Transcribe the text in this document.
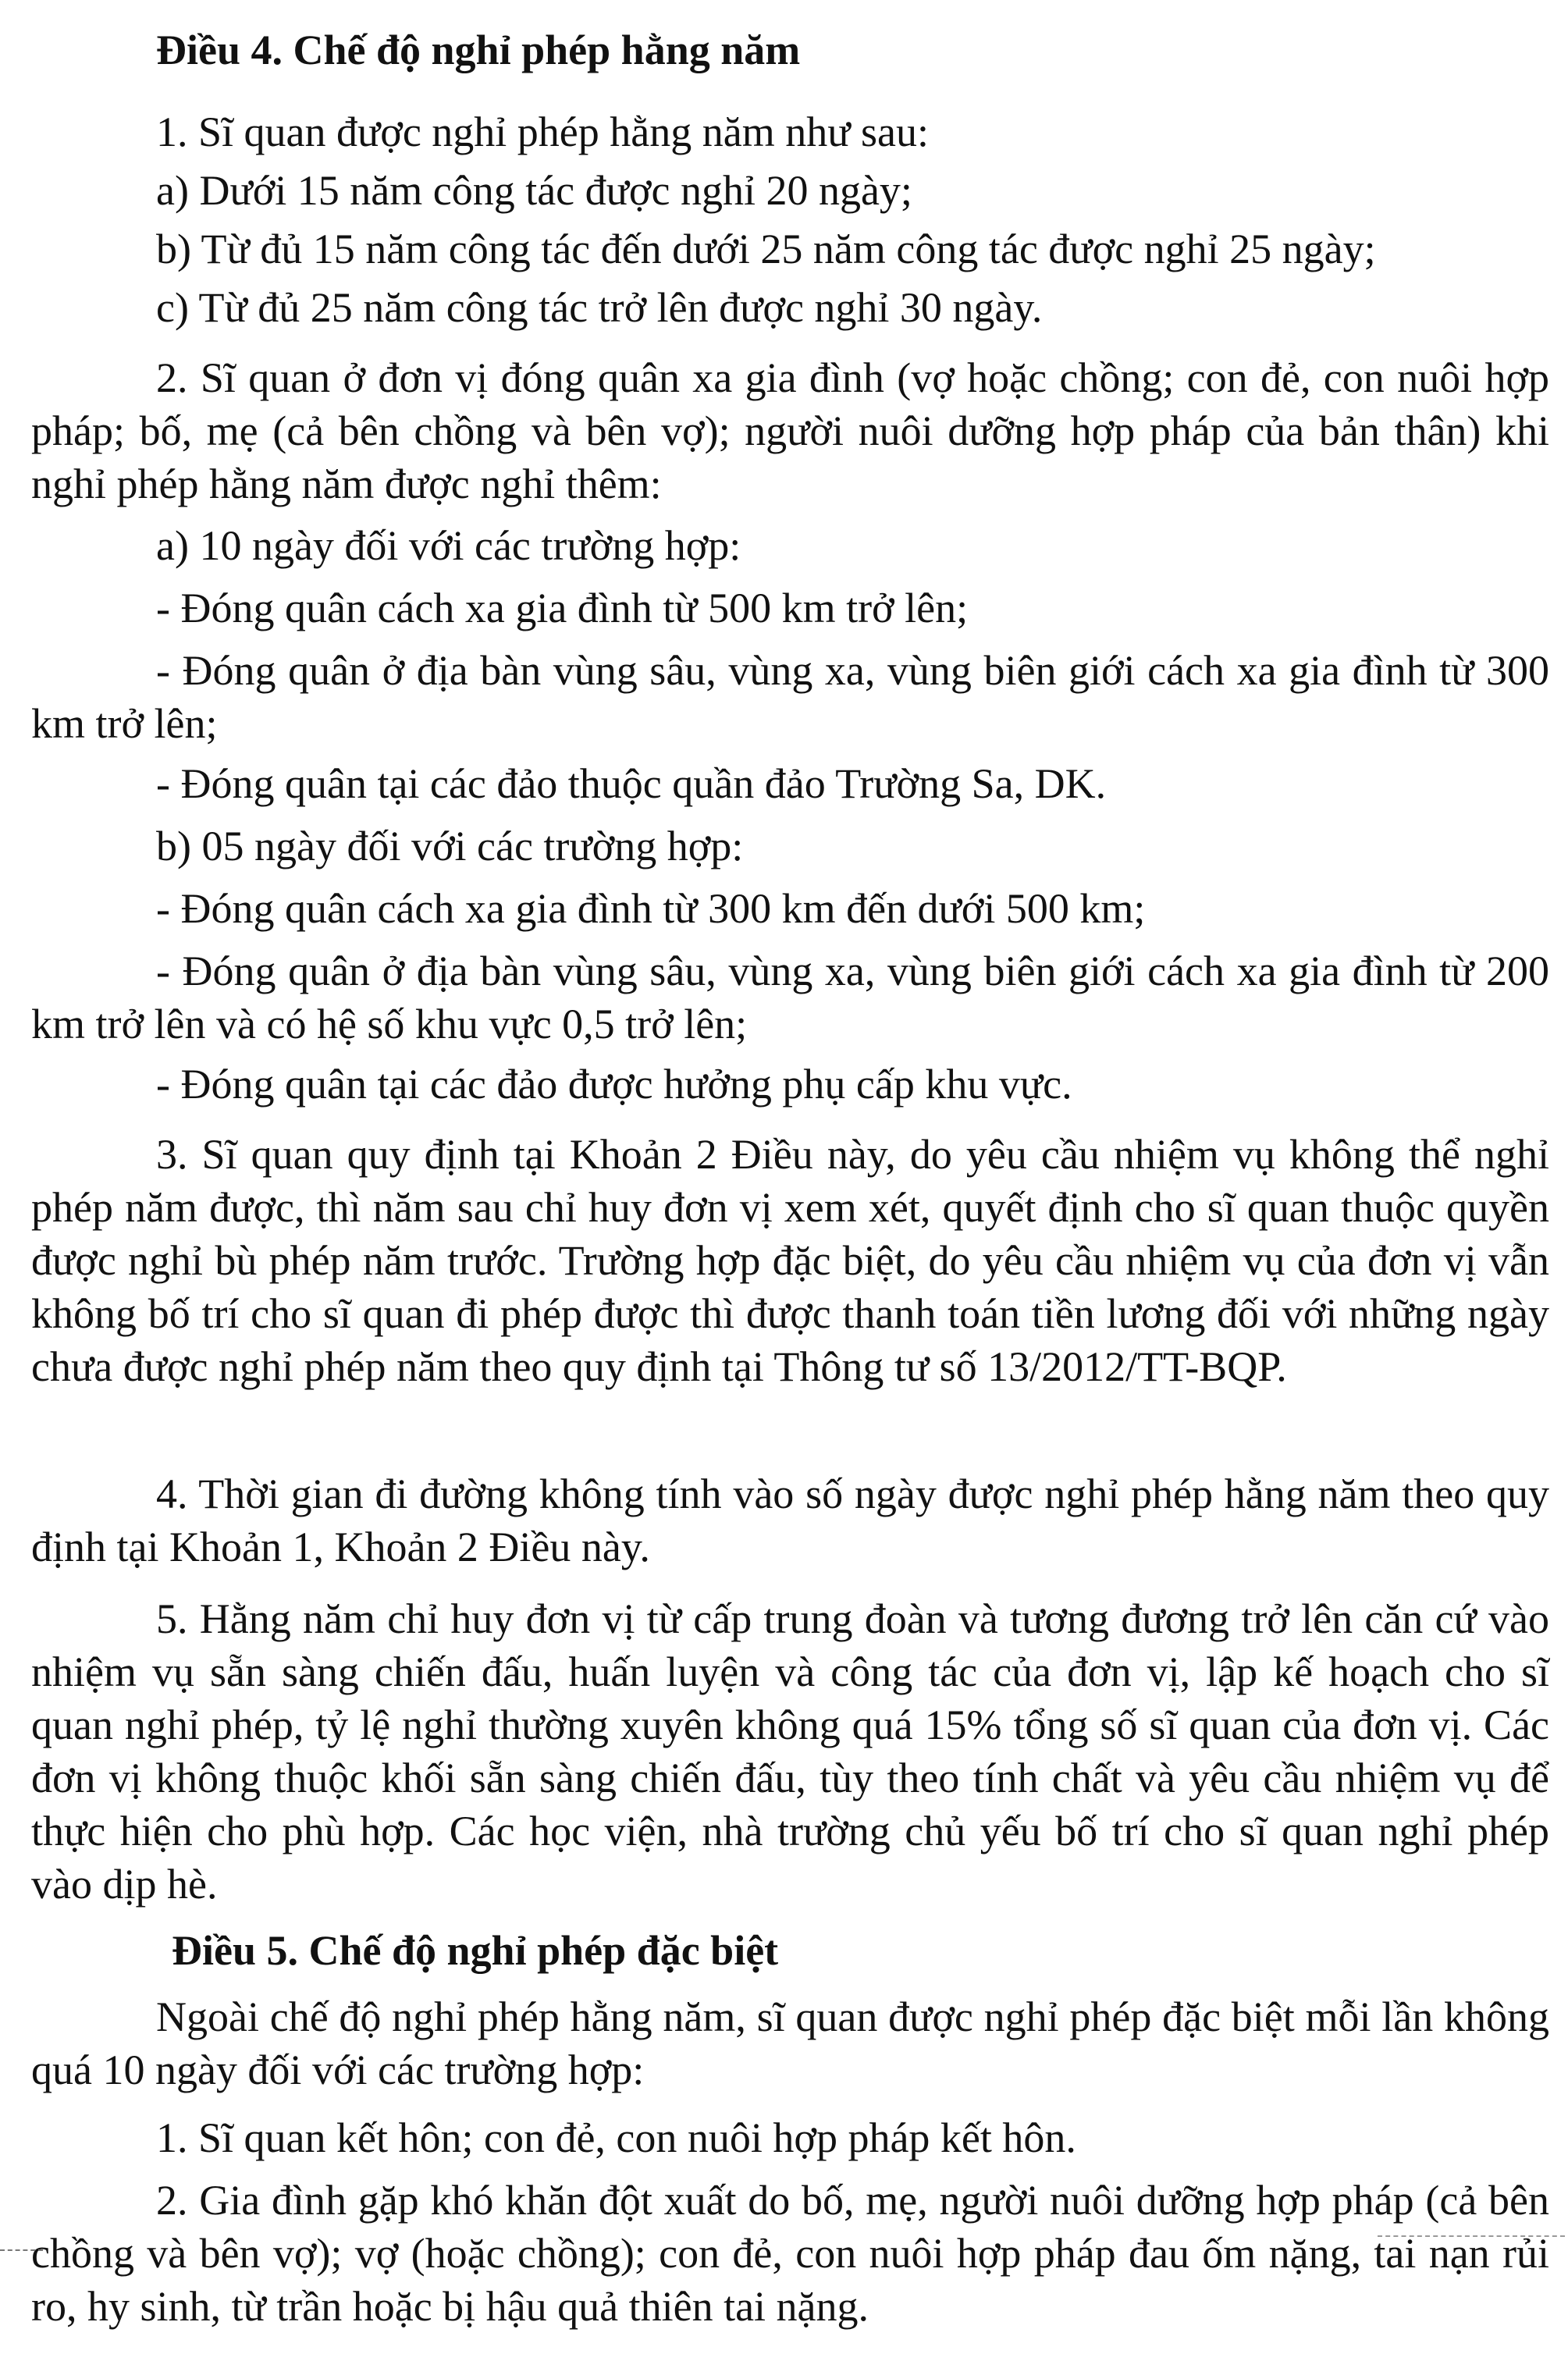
Điều 4. Chế độ nghỉ phép hằng năm
1. Sĩ quan được nghỉ phép hằng năm như sau:
a) Dưới 15 năm công tác được nghỉ 20 ngày;
b) Từ đủ 15 năm công tác đến dưới 25 năm công tác được nghỉ 25 ngày;
c) Từ đủ 25 năm công tác trở lên được nghỉ 30 ngày.
2. Sĩ quan ở đơn vị đóng quân xa gia đình (vợ hoặc chồng; con đẻ, con nuôi hợp pháp; bố, mẹ (cả bên chồng và bên vợ); người nuôi dưỡng hợp pháp của bản thân) khi nghỉ phép hằng năm được nghỉ thêm:
a) 10 ngày đối với các trường hợp:
- Đóng quân cách xa gia đình từ 500 km trở lên;
- Đóng quân ở địa bàn vùng sâu, vùng xa, vùng biên giới cách xa gia đình từ 300 km trở lên;
- Đóng quân tại các đảo thuộc quần đảo Trường Sa, DK.
b) 05 ngày đối với các trường hợp:
- Đóng quân cách xa gia đình từ 300 km đến dưới 500 km;
- Đóng quân ở địa bàn vùng sâu, vùng xa, vùng biên giới cách xa gia đình từ 200 km trở lên và có hệ số khu vực 0,5 trở lên;
- Đóng quân tại các đảo được hưởng phụ cấp khu vực.
3. Sĩ quan quy định tại Khoản 2 Điều này, do yêu cầu nhiệm vụ không thể nghỉ phép năm được, thì năm sau chỉ huy đơn vị xem xét, quyết định cho sĩ quan thuộc quyền được nghỉ bù phép năm trước. Trường hợp đặc biệt, do yêu cầu nhiệm vụ của đơn vị vẫn không bố trí cho sĩ quan đi phép được thì được thanh toán tiền lương đối với những ngày chưa được nghỉ phép năm theo quy định tại Thông tư số 13/2012/TT-BQP.
4. Thời gian đi đường không tính vào số ngày được nghỉ phép hằng năm theo quy định tại Khoản 1, Khoản 2 Điều này.
5. Hằng năm chỉ huy đơn vị từ cấp trung đoàn và tương đương trở lên căn cứ vào nhiệm vụ sẵn sàng chiến đấu, huấn luyện và công tác của đơn vị, lập kế hoạch cho sĩ quan nghỉ phép, tỷ lệ nghỉ thường xuyên không quá 15% tổng số sĩ quan của đơn vị. Các đơn vị không thuộc khối sẵn sàng chiến đấu, tùy theo tính chất và yêu cầu nhiệm vụ để thực hiện cho phù hợp. Các học viện, nhà trường chủ yếu bố trí cho sĩ quan nghỉ phép vào dịp hè.
Điều 5. Chế độ nghỉ phép đặc biệt
Ngoài chế độ nghỉ phép hằng năm, sĩ quan được nghỉ phép đặc biệt mỗi lần không quá 10 ngày đối với các trường hợp:
1. Sĩ quan kết hôn; con đẻ, con nuôi hợp pháp kết hôn.
2. Gia đình gặp khó khăn đột xuất do bố, mẹ, người nuôi dưỡng hợp pháp (cả bên chồng và bên vợ); vợ (hoặc chồng); con đẻ, con nuôi hợp pháp đau ốm nặng, tai nạn rủi ro, hy sinh, từ trần hoặc bị hậu quả thiên tai nặng.
